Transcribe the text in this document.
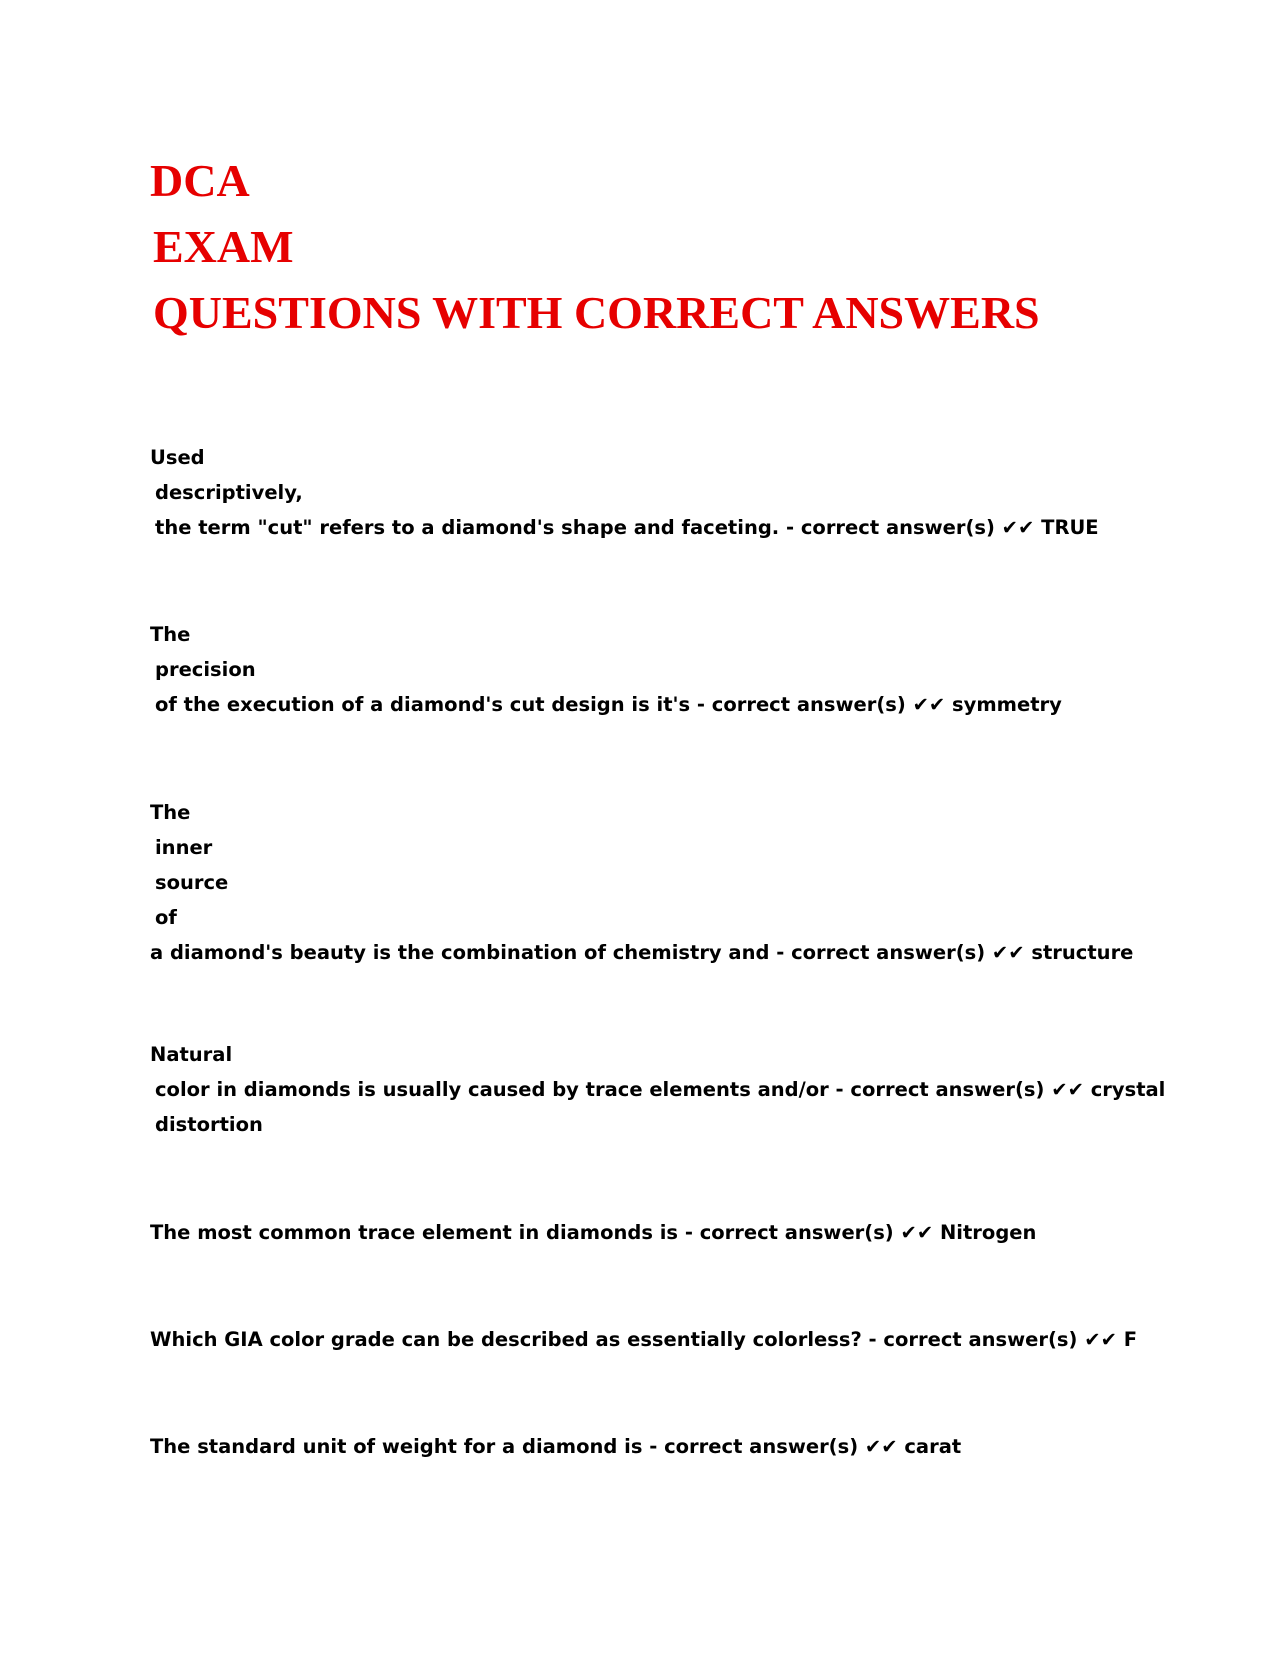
DCA
EXAM
QUESTIONS WITH CORRECT ANSWERS
Used
descriptively,
the term "cut" refers to a diamond's shape and faceting. - correct answer(s) ✔✔ TRUE
The
precision
of the execution of a diamond's cut design is it's - correct answer(s) ✔✔ symmetry
The
inner
source
of
a diamond's beauty is the combination of chemistry and - correct answer(s) ✔✔ structure
Natural
color in diamonds is usually caused by trace elements and/or - correct answer(s) ✔✔ crystal
distortion
The most common trace element in diamonds is - correct answer(s) ✔✔ Nitrogen
Which GIA color grade can be described as essentially colorless? - correct answer(s) ✔✔ F
The standard unit of weight for a diamond is - correct answer(s) ✔✔ carat
